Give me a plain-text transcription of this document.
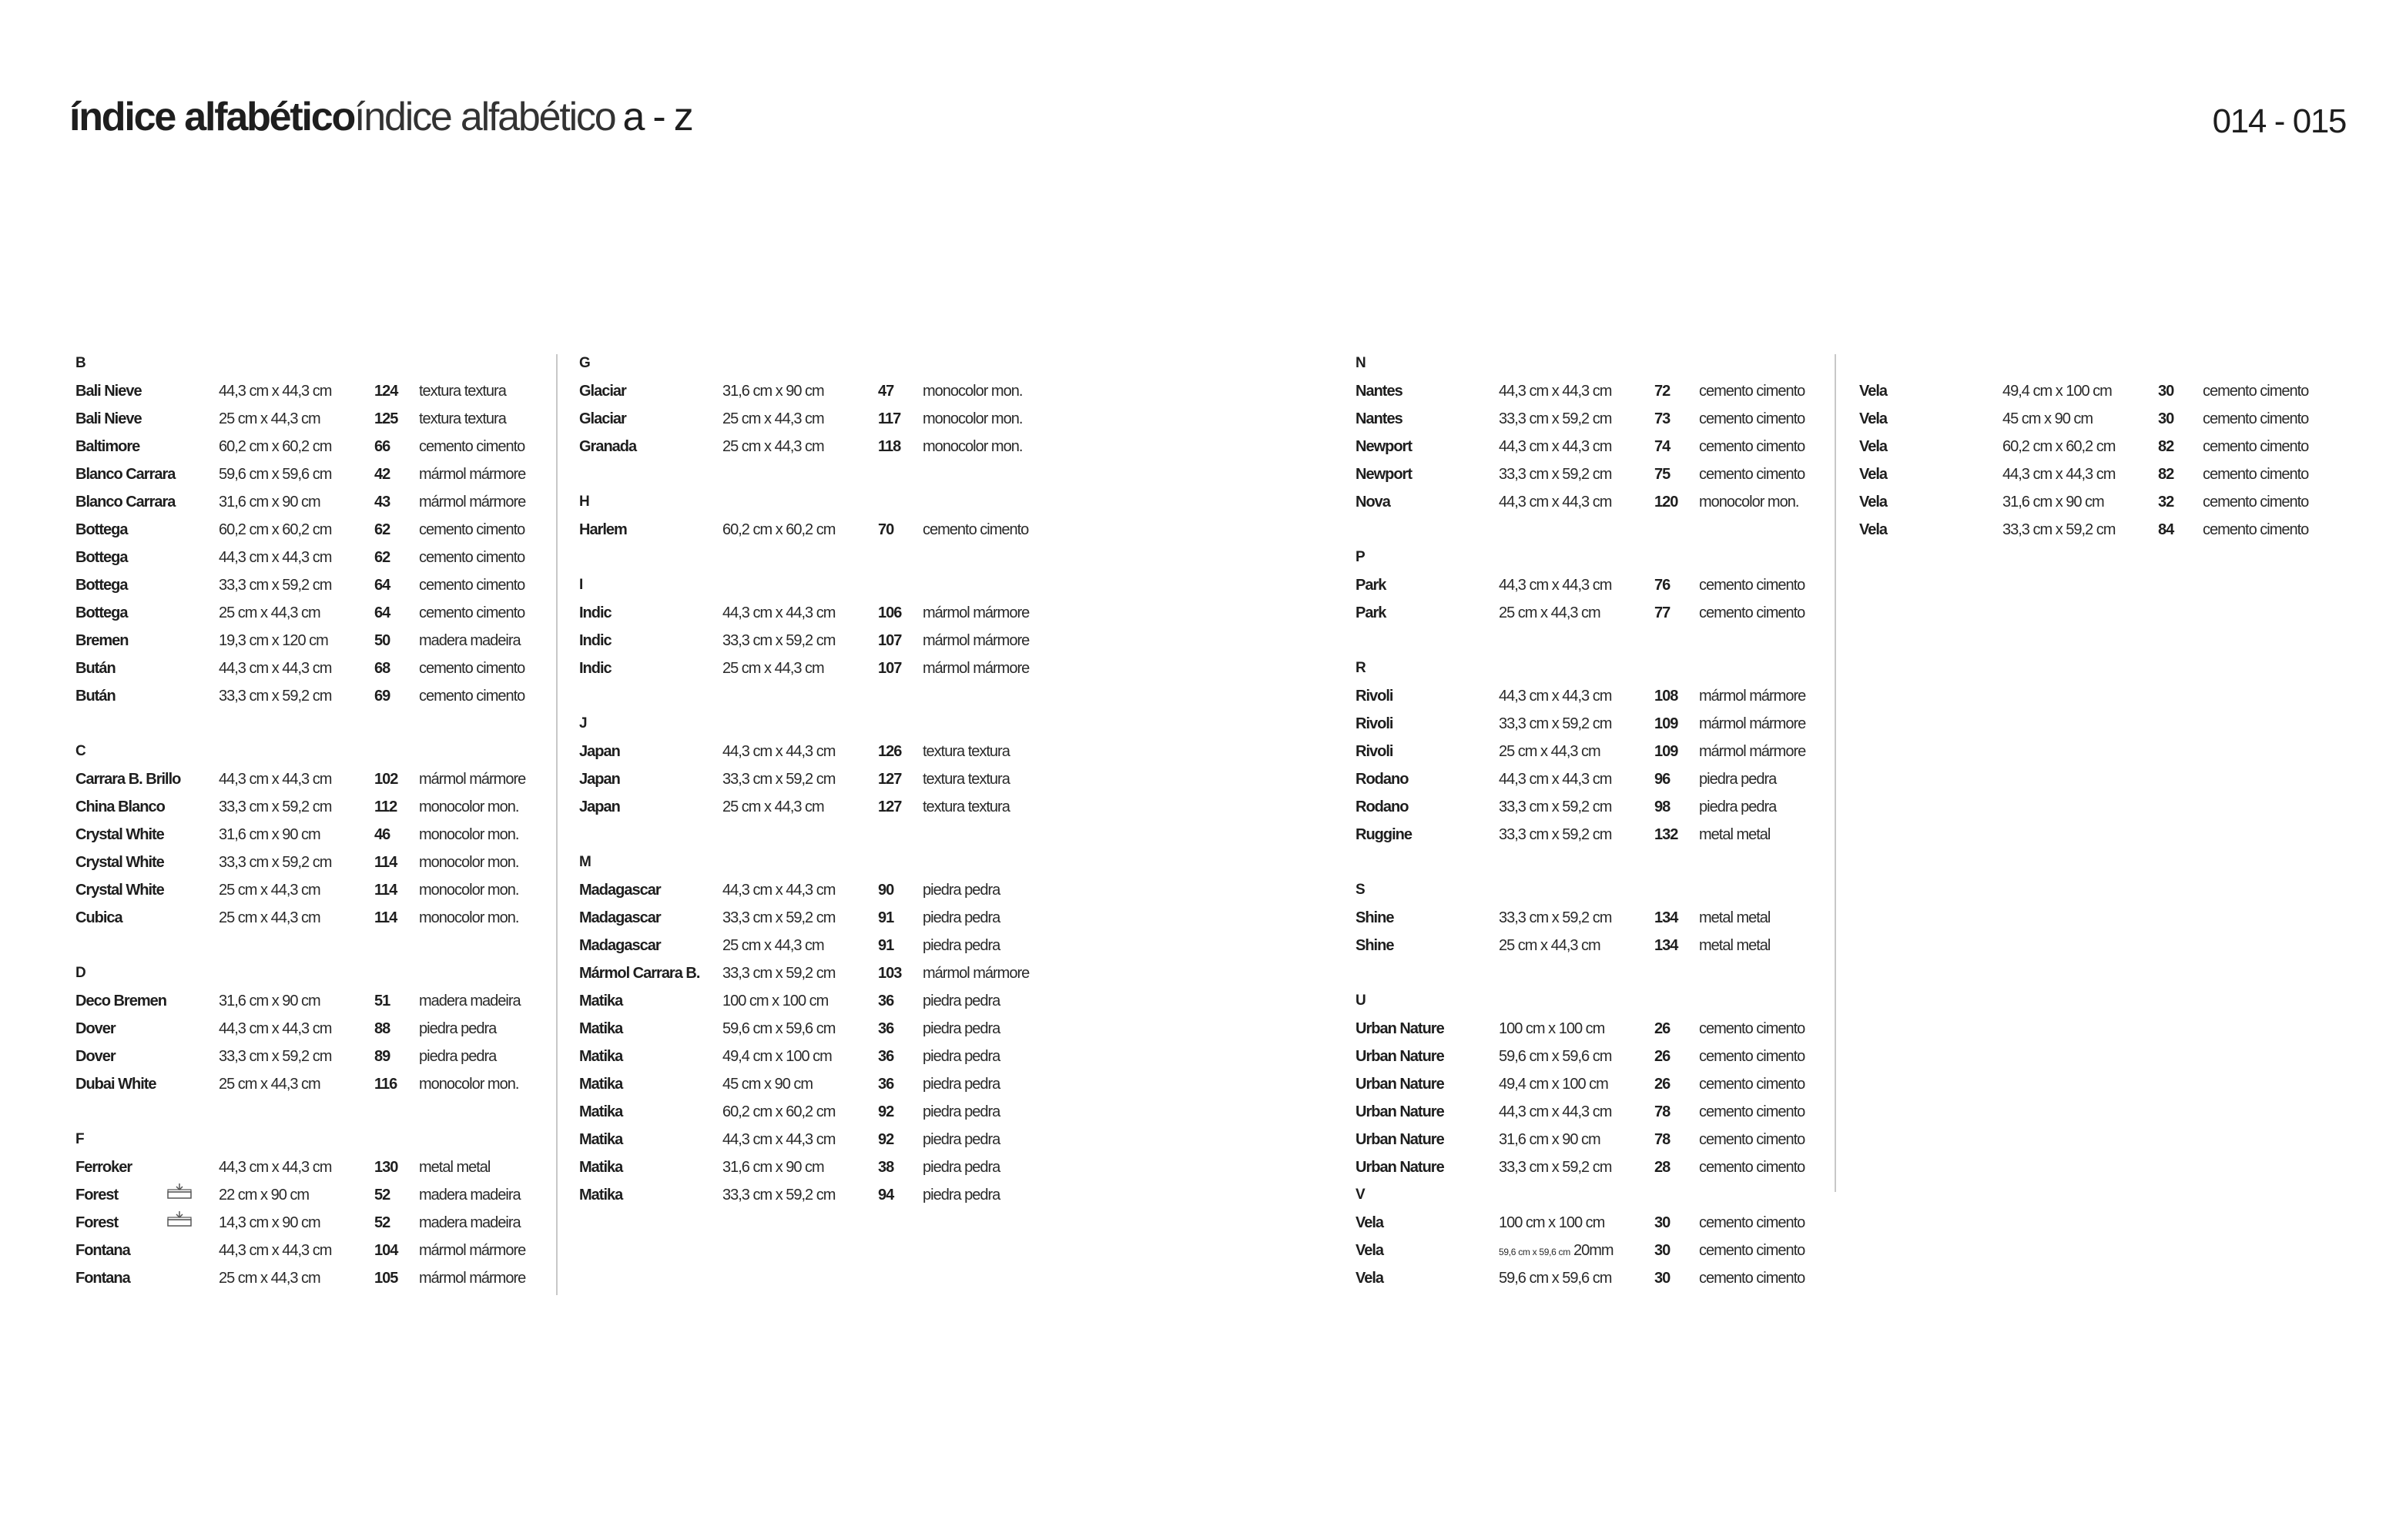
índice alfabéticoíndice alfabético a - z	014 - 015
B
Bali Nieve	44,3 cm x 44,3 cm	124 textura textura
Bali Nieve	25 cm x 44,3 cm	125 textura textura
Baltimore	60,2 cm x 60,2 cm	66 cemento cimento
Blanco Carrara	59,6 cm x 59,6 cm	42 mármol mármore
Blanco Carrara	31,6 cm x 90 cm	43 mármol mármore
Bottega	60,2 cm x 60,2 cm	62 cemento cimento
Bottega	44,3 cm x 44,3 cm	62 cemento cimento
Bottega	33,3 cm x 59,2 cm	64 cemento cimento
Bottega	25 cm x 44,3 cm	64 cemento cimento
Bremen	19,3 cm x 120 cm	50 madera madeira
Bután	44,3 cm x 44,3 cm	68 cemento cimento
Bután	33,3 cm x 59,2 cm	69 cemento cimento
C
Carrara B. Brillo	44,3 cm x 44,3 cm	102 mármol mármore
China Blanco	33,3 cm x 59,2 cm	112 monocolor mon.
Crystal White	31,6 cm x 90 cm	46 monocolor mon.
Crystal White	33,3 cm x 59,2 cm	114 monocolor mon.
Crystal White	25 cm x 44,3 cm	114 monocolor mon.
Cubica	25 cm x 44,3 cm	114 monocolor mon.
D
Deco Bremen	31,6 cm x 90 cm	51 madera madeira
Dover	44,3 cm x 44,3 cm	88 piedra pedra
Dover	33,3 cm x 59,2 cm	89 piedra pedra
Dubai White	25 cm x 44,3 cm	116 monocolor mon.
F
Ferroker	44,3 cm x 44,3 cm	130 metal metal
Forest	22 cm x 90 cm	52 madera madeira
Forest	14,3 cm x 90 cm	52 madera madeira
Fontana	44,3 cm x 44,3 cm	104 mármol mármore
Fontana	25 cm x 44,3 cm	105 mármol mármore
G
Glaciar	31,6 cm x 90 cm	47 monocolor mon.
Glaciar	25 cm x 44,3 cm	117 monocolor mon.
Granada	25 cm x 44,3 cm	118 monocolor mon.
H
Harlem	60,2 cm x 60,2 cm	70 cemento cimento
I
Indic	44,3 cm x 44,3 cm	106 mármol mármore
Indic	33,3 cm x 59,2 cm	107 mármol mármore
Indic	25 cm x 44,3 cm	107 mármol mármore
J
Japan	44,3 cm x 44,3 cm	126 textura textura
Japan	33,3 cm x 59,2 cm	127 textura textura
Japan	25 cm x 44,3 cm	127 textura textura
M
Madagascar	44,3 cm x 44,3 cm	90 piedra pedra
Madagascar	33,3 cm x 59,2 cm	91 piedra pedra
Madagascar	25 cm x 44,3 cm	91 piedra pedra
Mármol Carrara B.	33,3 cm x 59,2 cm	103 mármol mármore
Matika	100 cm x 100 cm	36 piedra pedra
Matika	59,6 cm x 59,6 cm	36 piedra pedra
Matika	49,4 cm x 100 cm	36 piedra pedra
Matika	45 cm x 90 cm	36 piedra pedra
Matika	60,2 cm x 60,2 cm	92 piedra pedra
Matika	44,3 cm x 44,3 cm	92 piedra pedra
Matika	31,6 cm x 90 cm	38 piedra pedra
Matika	33,3 cm x 59,2 cm	94 piedra pedra
N
Nantes	44,3 cm x 44,3 cm	72 cemento cimento
Nantes	33,3 cm x 59,2 cm	73 cemento cimento
Newport	44,3 cm x 44,3 cm	74 cemento cimento
Newport	33,3 cm x 59,2 cm	75 cemento cimento
Nova	44,3 cm x 44,3 cm	120 monocolor mon.
P
Park	44,3 cm x 44,3 cm	76 cemento cimento
Park	25 cm x 44,3 cm	77 cemento cimento
R
Rivoli	44,3 cm x 44,3 cm	108 mármol mármore
Rivoli	33,3 cm x 59,2 cm	109 mármol mármore
Rivoli	25 cm x 44,3 cm	109 mármol mármore
Rodano	44,3 cm x 44,3 cm	96 piedra pedra
Rodano	33,3 cm x 59,2 cm	98 piedra pedra
Ruggine	33,3 cm x 59,2 cm	132 metal metal
S
Shine	33,3 cm x 59,2 cm	134 metal metal
Shine	25 cm x 44,3 cm	134 metal metal
U
Urban Nature	100 cm x 100 cm	26 cemento cimento
Urban Nature	59,6 cm x 59,6 cm	26 cemento cimento
Urban Nature	49,4 cm x 100 cm	26 cemento cimento
Urban Nature	44,3 cm x 44,3 cm	78 cemento cimento
Urban Nature	31,6 cm x 90 cm	78 cemento cimento
Urban Nature	33,3 cm x 59,2 cm	28 cemento cimento
V
Vela	100 cm x 100 cm	30 cemento cimento
Vela	59,6 cm x 59,6 cm 20mm	30 cemento cimento
Vela	59,6 cm x 59,6 cm	30 cemento cimento
Vela	49,4 cm x 100 cm	30 cemento cimento
Vela	45 cm x 90 cm	30 cemento cimento
Vela	60,2 cm x 60,2 cm	82 cemento cimento
Vela	44,3 cm x 44,3 cm	82 cemento cimento
Vela	31,6 cm x 90 cm	32 cemento cimento
Vela	33,3 cm x 59,2 cm	84 cemento cimento
